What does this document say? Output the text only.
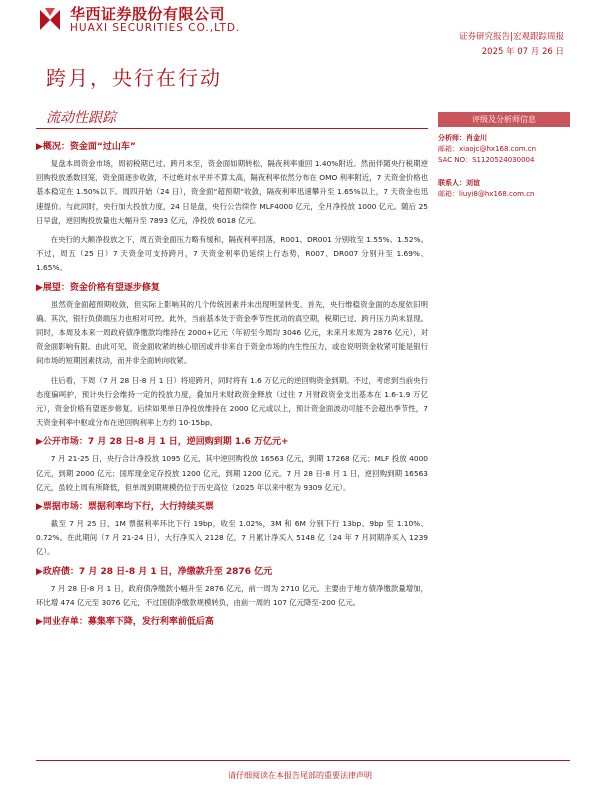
华西证券股份有限公司
HUAXI SECURITIES CO.,LTD.
证券研究报告|宏观跟踪周报
2025 年 07 月 26 日
跨月，央行在行动
流动性跟踪
▶概况：资金面“过山车”

复盘本周资金市场，周初税期已过、跨月未至，资金面如期转松，隔夜利率重回 1.40%附近。然而伴随央行税期逆回购投放悉数回笼，资金面逐步收敛，不过绝对水平并不算太高，隔夜利率依然分布在 OMO 利率附近，7 天资金价格也基本稳定在 1.50%以下。周四开始（24 日），资金面“超预期”收敛，隔夜利率迅速攀升至 1.65%以上，7 天资金也迅速提价。与此同时，央行加大投放力度，24 日是盘，央行公告续作 MLF4000 亿元，全月净投放 1000 亿元。随后 25 日早盘，逆回购投放量也大幅升至 7893 亿元，净投放 6018 亿元。

在央行的大额净投放之下，周五资金面压力略有缓和，隔夜利率回落，R001、DR001 分别收至 1.55%、1.52%。不过，周五（25 日）7 天资金可支持跨月，7 天资金利率仍延续上行态势，R007、DR007 分别升至 1.69%、1.65%。

▶展望：资金价格有望逐步修复

虽然资金面超预期收敛，但实际上影响其的几个传统因素并未出现明显转变。首先，央行维稳资金面的态度依旧明确。其次，银行负债端压力也相对可控。此外，当前基本处于资金季节性扰动的真空期，税期已过、跨月压力尚未显现。同时，本周及本来一周政府债净缴款均维持在 2000+亿元（年初至今周均 3046 亿元，未来月末周为 2876 亿元），对资金面影响有限。由此可见，资金面收紧的核心原因或并非来自于资金市场的内生性压力，或也说明资金收紧可能是银行间市场的短期因素扰动，而并非全面转向收紧。

往后看，下周（7 月 28 日-8 月 1 日）将迎跨月，同时将有 1.6 万亿元的逆回购资金到期。不过，考虑到当前央行态度偏呵护，预计央行会维持一定的投放力度，叠加月末财政资金释放（过往 7 月财政资金支出基本在 1.6-1.9 万亿元），资金价格有望逐步修复。后续如果单日净投放维持在 2000 亿元或以上，预计资金面波动可能不会超出季节性，7 天资金利率中枢或分布在逆回购利率上方约 10-15bp。

▶公开市场：7 月 28 日-8 月 1 日，逆回购到期 1.6 万亿元+

7 月 21-25 日，央行合计净投放 1095 亿元，其中逆回购投放 16563 亿元，到期 17268 亿元；MLF 投放 4000 亿元，到期 2000 亿元；国库现金定存投放 1200 亿元，到期 1200 亿元。7 月 28 日-8 月 1 日，逆回购到期 16563 亿元，虽较上周有所降低，但单周到期规模仍位于历史高位（2025 年以来中枢为 9309 亿元）。

▶票据市场：票据利率均下行，大行持续买票

截至 7 月 25 日，1M 票据利率环比下行 19bp，收至 1.02%，3M 和 6M 分别下行 13bp、9bp 至 1.10%、0.72%。在此期间（7 月 21-24 日），大行净买入 2128 亿，7 月累计净买入 5148 亿（24 年 7 月同期净买入 1239 亿）。

▶政府债：7 月 28 日-8 月 1 日，净缴款升至 2876 亿元

7 月 28 日-8 月 1 日，政府债净缴款小幅升至 2876 亿元，前一周为 2710 亿元。主要由于地方债净缴款量增加，环比增 474 亿元至 3076 亿元，不过国债净缴款规模转负，由前一周的 107 亿元降至-200 亿元。

▶同业存单：募集率下降，发行利率前低后高
评级及分析师信息
分析师：肖金川
邮箱：xiaojc@hx168.com.cn
SAC NO：S1120524030004
联系人：刘谊
邮箱：liuyi8@hx168.com.cn
请仔细阅读在本报告尾部的重要法律声明
